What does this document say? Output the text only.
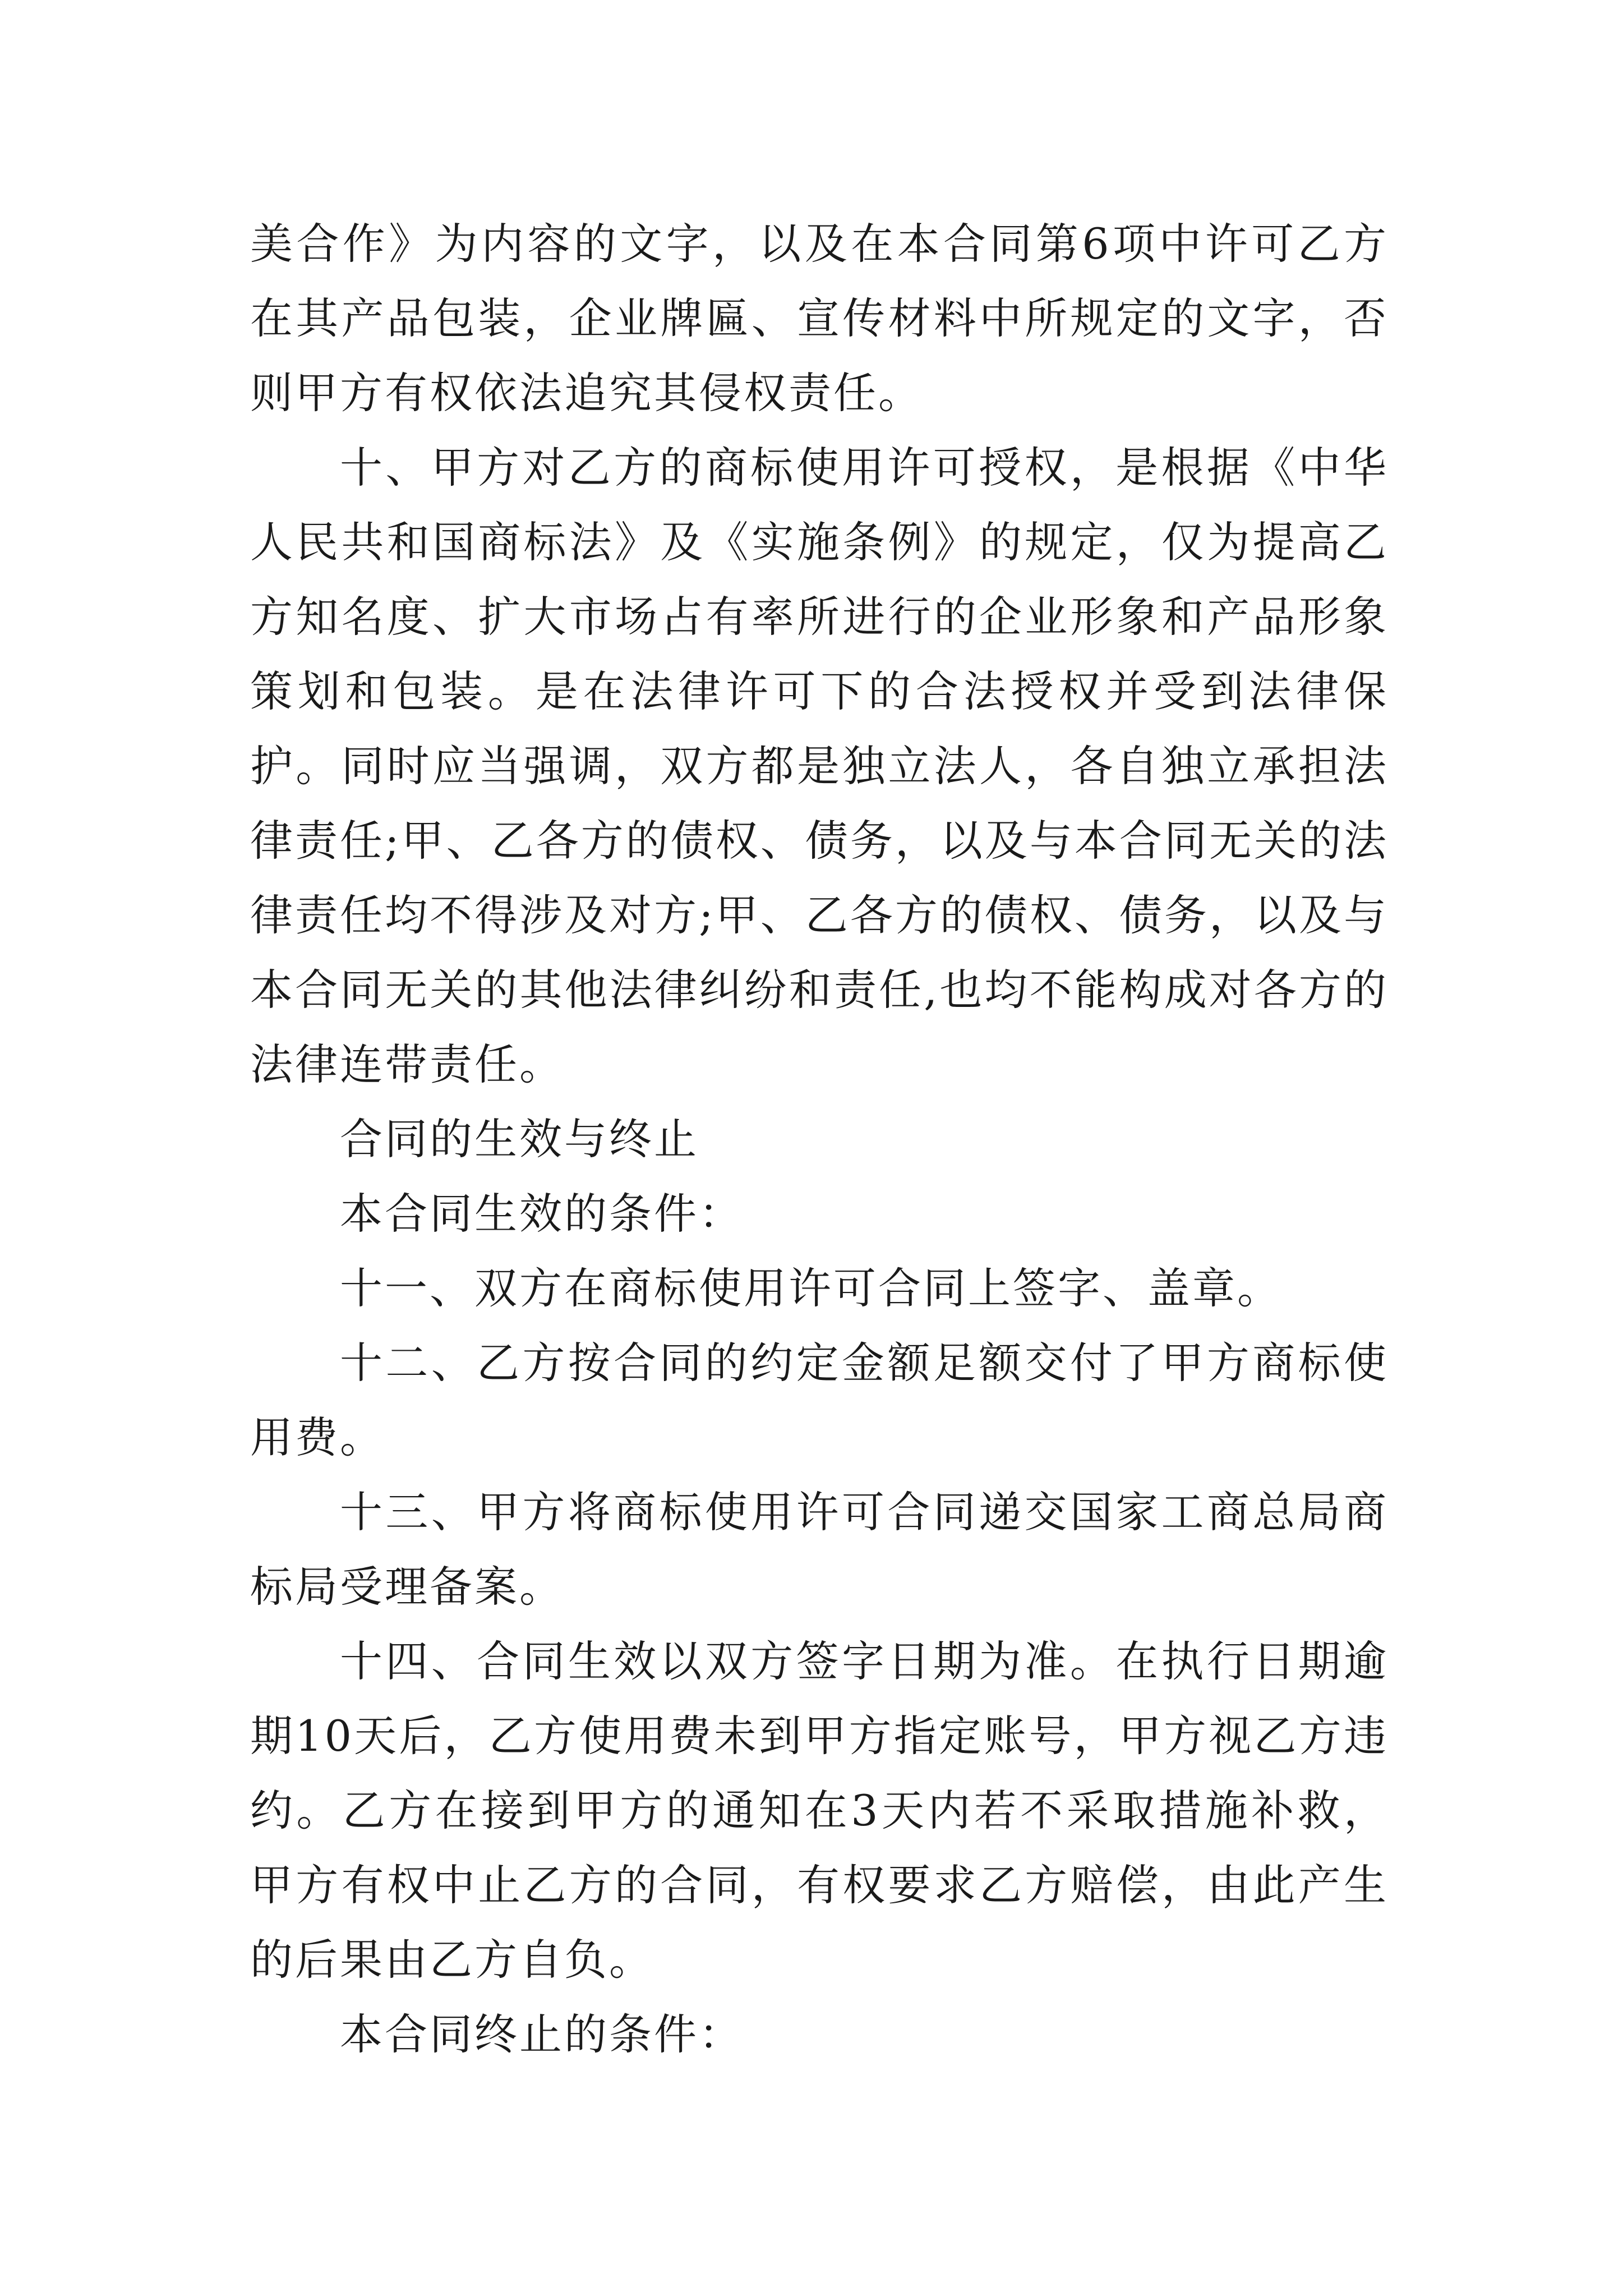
美合作》为内容的文字，以及在本合同第6项中许可乙方在其产品包装，企业牌匾、宣传材料中所规定的文字，否则甲方有权依法追究其侵权责任。

十、甲方对乙方的商标使用许可授权，是根据《中华人民共和国商标法》及《实施条例》的规定，仅为提高乙方知名度、扩大市场占有率所进行的企业形象和产品形象策划和包装。是在法律许可下的合法授权并受到法律保护。同时应当强调，双方都是独立法人，各自独立承担法律责任;甲、乙各方的债权、债务，以及与本合同无关的法律责任均不得涉及对方;甲、乙各方的债权、债务，以及与本合同无关的其他法律纠纷和责任,也均不能构成对各方的法律连带责任。

合同的生效与终止

本合同生效的条件：

十一、双方在商标使用许可合同上签字、盖章。

十二、乙方按合同的约定金额足额交付了甲方商标使用费。

十三、甲方将商标使用许可合同递交国家工商总局商标局受理备案。

十四、合同生效以双方签字日期为准。在执行日期逾期10天后，乙方使用费未到甲方指定账号，甲方视乙方违约。乙方在接到甲方的通知在3天内若不采取措施补救，甲方有权中止乙方的合同，有权要求乙方赔偿，由此产生的后果由乙方自负。

本合同终止的条件：
